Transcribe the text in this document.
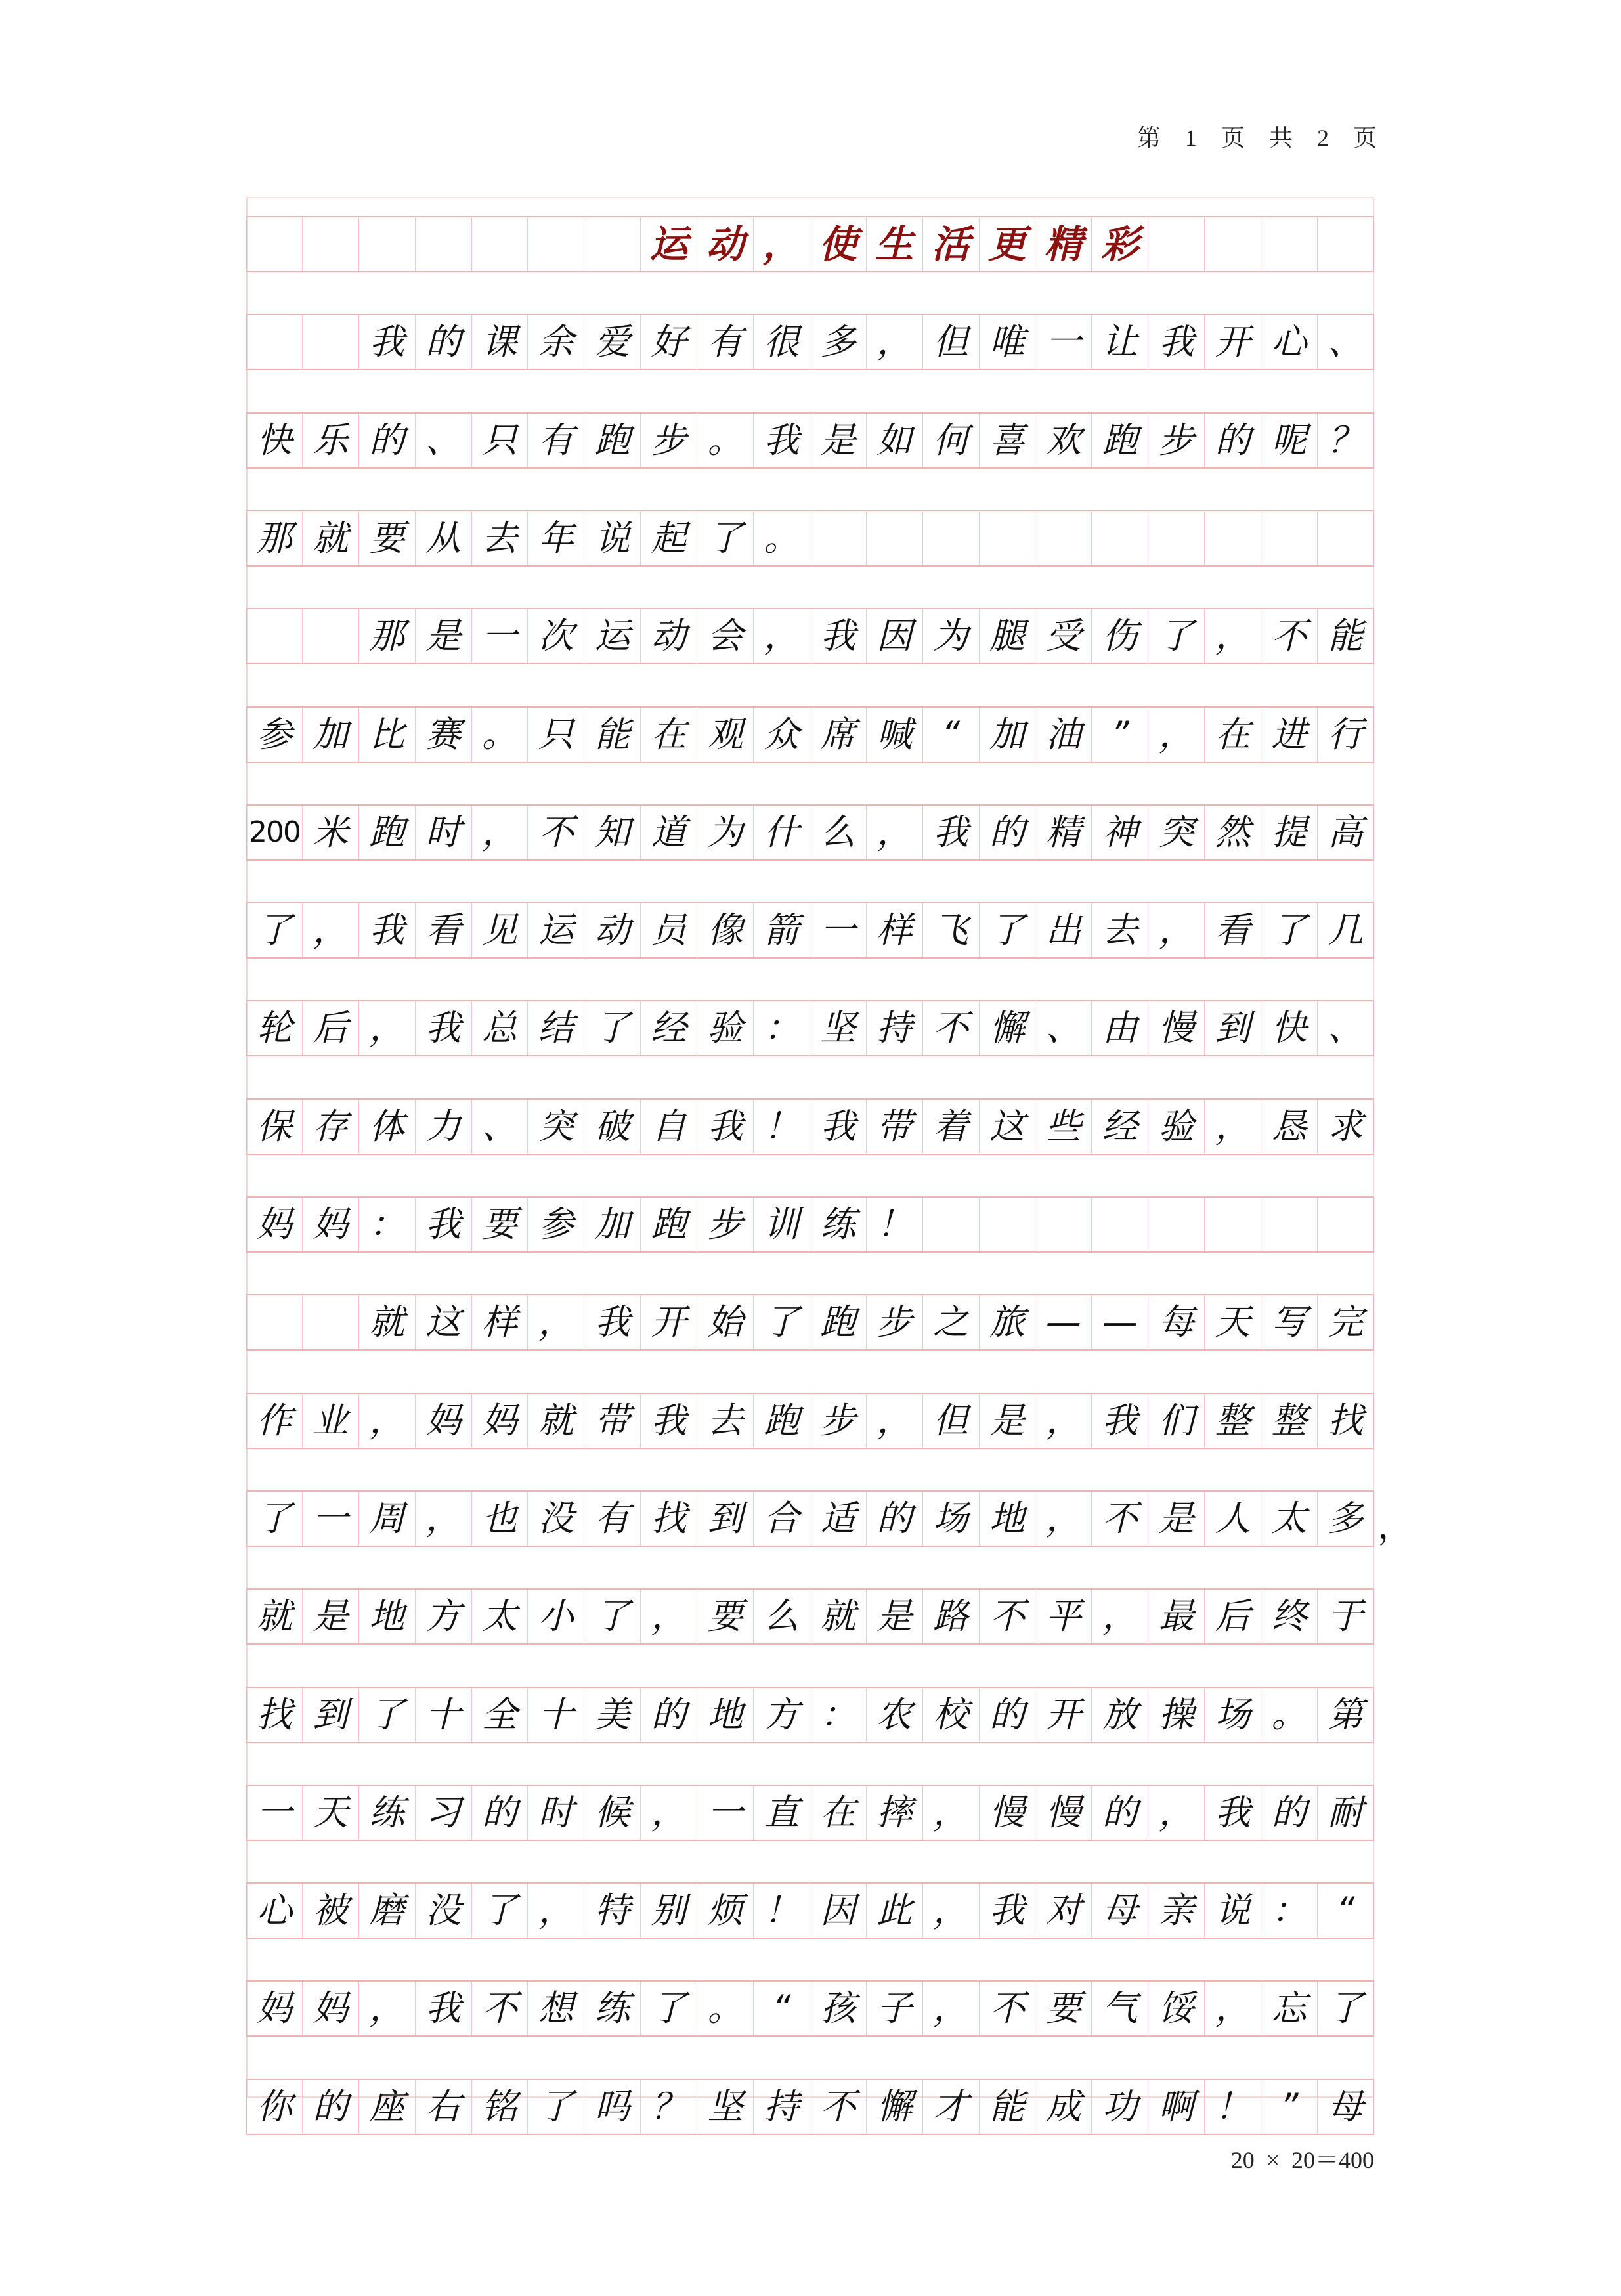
第 1 页 共 2 页
运 动 ， 使 生 活 更 精 彩
我 的 课 余 爱 好 有 很 多 ， 但 唯 一 让 我 开 心 、
快 乐 的 、 只 有 跑 步 。 我 是 如 何 喜 欢 跑 步 的 呢 ？
那 就 要 从 去 年 说 起 了 。
那 是 一 次 运 动 会 ， 我 因 为 腿 受 伤 了 ， 不 能
参 加 比 赛 。 只 能 在 观 众 席 喊 “ 加 油 ” ， 在 进 行
200 米 跑 时 ， 不 知 道 为 什 么 ， 我 的 精 神 突 然 提 高
了 ， 我 看 见 运 动 员 像 箭 一 样 飞 了 出 去 ， 看 了 几
轮 后 ， 我 总 结 了 经 验 ： 坚 持 不 懈 、 由 慢 到 快 、
保 存 体 力 、 突 破 自 我 ！ 我 带 着 这 些 经 验 ， 恳 求
妈 妈 ： 我 要 参 加 跑 步 训 练 ！
就 这 样 ， 我 开 始 了 跑 步 之 旅 — — 每 天 写 完
作 业 ， 妈 妈 就 带 我 去 跑 步 ， 但 是 ， 我 们 整 整 找
了 一 周 ， 也 没 有 找 到 合 适 的 场 地 ， 不 是 人 太 多
就 是 地 方 太 小 了 ， 要 么 就 是 路 不 平 ， 最 后 终 于
找 到 了 十 全 十 美 的 地 方 ： 农 校 的 开 放 操 场 。 第
一 天 练 习 的 时 候 ， 一 直 在 摔 ， 慢 慢 的 ， 我 的 耐
心 被 磨 没 了 ， 特 别 烦 ！ 因 此 ， 我 对 母 亲 说 ： “
妈 妈 ， 我 不 想 练 了 。 “ 孩 子 ， 不 要 气 馁 ， 忘 了
你 的 座 右 铭 了 吗 ？ 坚 持 不 懈 才 能 成 功 啊 ！ ” 母
，
20  ×  20＝400
